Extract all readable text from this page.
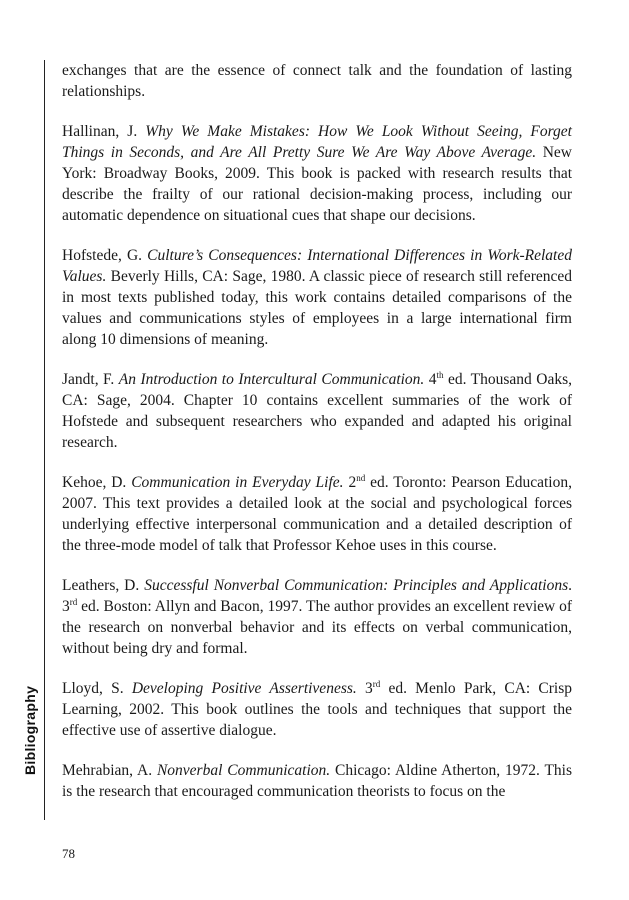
Bibliography

exchanges that are the essence of connect talk and the foundation of lasting relationships.

Hallinan, J. Why We Make Mistakes: How We Look Without Seeing, Forget Things in Seconds, and Are All Pretty Sure We Are Way Above Average. New York: Broadway Books, 2009. This book is packed with research results that describe the frailty of our rational decision-making process, including our automatic dependence on situational cues that shape our decisions.

Hofstede, G. Culture’s Consequences: International Differences in Work-Related Values. Beverly Hills, CA: Sage, 1980. A classic piece of research still referenced in most texts published today, this work contains detailed comparisons of the values and communications styles of employees in a large international firm along 10 dimensions of meaning.

Jandt, F. An Introduction to Intercultural Communication. 4th ed. Thousand Oaks, CA: Sage, 2004. Chapter 10 contains excellent summaries of the work of Hofstede and subsequent researchers who expanded and adapted his original research.

Kehoe, D. Communication in Everyday Life. 2nd ed. Toronto: Pearson Education, 2007. This text provides a detailed look at the social and psychological forces underlying effective interpersonal communication and a detailed description of the three-mode model of talk that Professor Kehoe uses in this course.

Leathers, D. Successful Nonverbal Communication: Principles and Applications. 3rd ed. Boston: Allyn and Bacon, 1997. The author provides an excellent review of the research on nonverbal behavior and its effects on verbal communication, without being dry and formal.

Lloyd, S. Developing Positive Assertiveness. 3rd ed. Menlo Park, CA: Crisp Learning, 2002. This book outlines the tools and techniques that support the effective use of assertive dialogue.

Mehrabian, A. Nonverbal Communication. Chicago: Aldine Atherton, 1972. This is the research that encouraged communication theorists to focus on the

78
